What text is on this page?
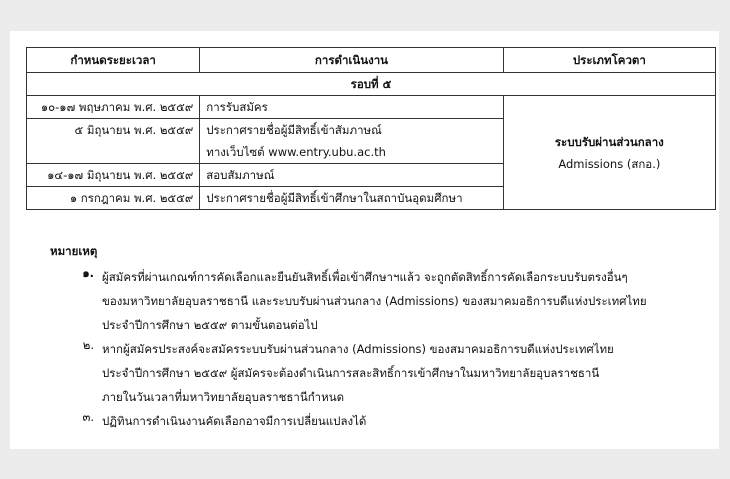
กำหนดระยะเวลา	การดำเนินงาน	ประเภทโควตา
รอบที่ ๕		
๑๐-๑๗ พฤษภาคม พ.ศ. ๒๕๕๙	การรับสมัคร	ระบบรับผ่านส่วนกลาง
Admissions (สกอ.)

๕ มิถุนายน พ.ศ. ๒๕๕๙	ประกาศรายชื่อผู้มีสิทธิ์เข้าสัมภาษณ์	
	ทางเว็บไซต์ www.entry.ubu.ac.th	
๑๔-๑๗ มิถุนายน พ.ศ. ๒๕๕๙	สอบสัมภาษณ์	
๑ กรกฎาคม พ.ศ. ๒๕๕๙	ประกาศรายชื่อผู้มีสิทธิ์เข้าศึกษาในสถาบันอุดมศึกษา	
หมายเหตุ
๑. ผู้สมัครที่ผ่านเกณฑ์การคัดเลือกและยืนยันสิทธิ์เพื่อเข้าศึกษาฯแล้ว จะถูกตัดสิทธิ์การคัดเลือกระบบรับตรงอื่นๆ
ของมหาวิทยาลัยอุบลราชธานี และระบบรับผ่านส่วนกลาง (Admissions) ของสมาคมอธิการบดีแห่งประเทศไทย
ประจำปีการศึกษา ๒๕๕๙ ตามขั้นตอนต่อไป
๒. หากผู้สมัครประสงค์จะสมัครระบบรับผ่านส่วนกลาง (Admissions) ของสมาคมอธิการบดีแห่งประเทศไทย
ประจำปีการศึกษา ๒๕๕๙ ผู้สมัครจะต้องดำเนินการสละสิทธิ์การเข้าศึกษาในมหาวิทยาลัยอุบลราชธานี
ภายในวันเวลาที่มหาวิทยาลัยอุบลราชธานีกำหนด
๓. ปฏิทินการดำเนินงานคัดเลือกอาจมีการเปลี่ยนแปลงได้
